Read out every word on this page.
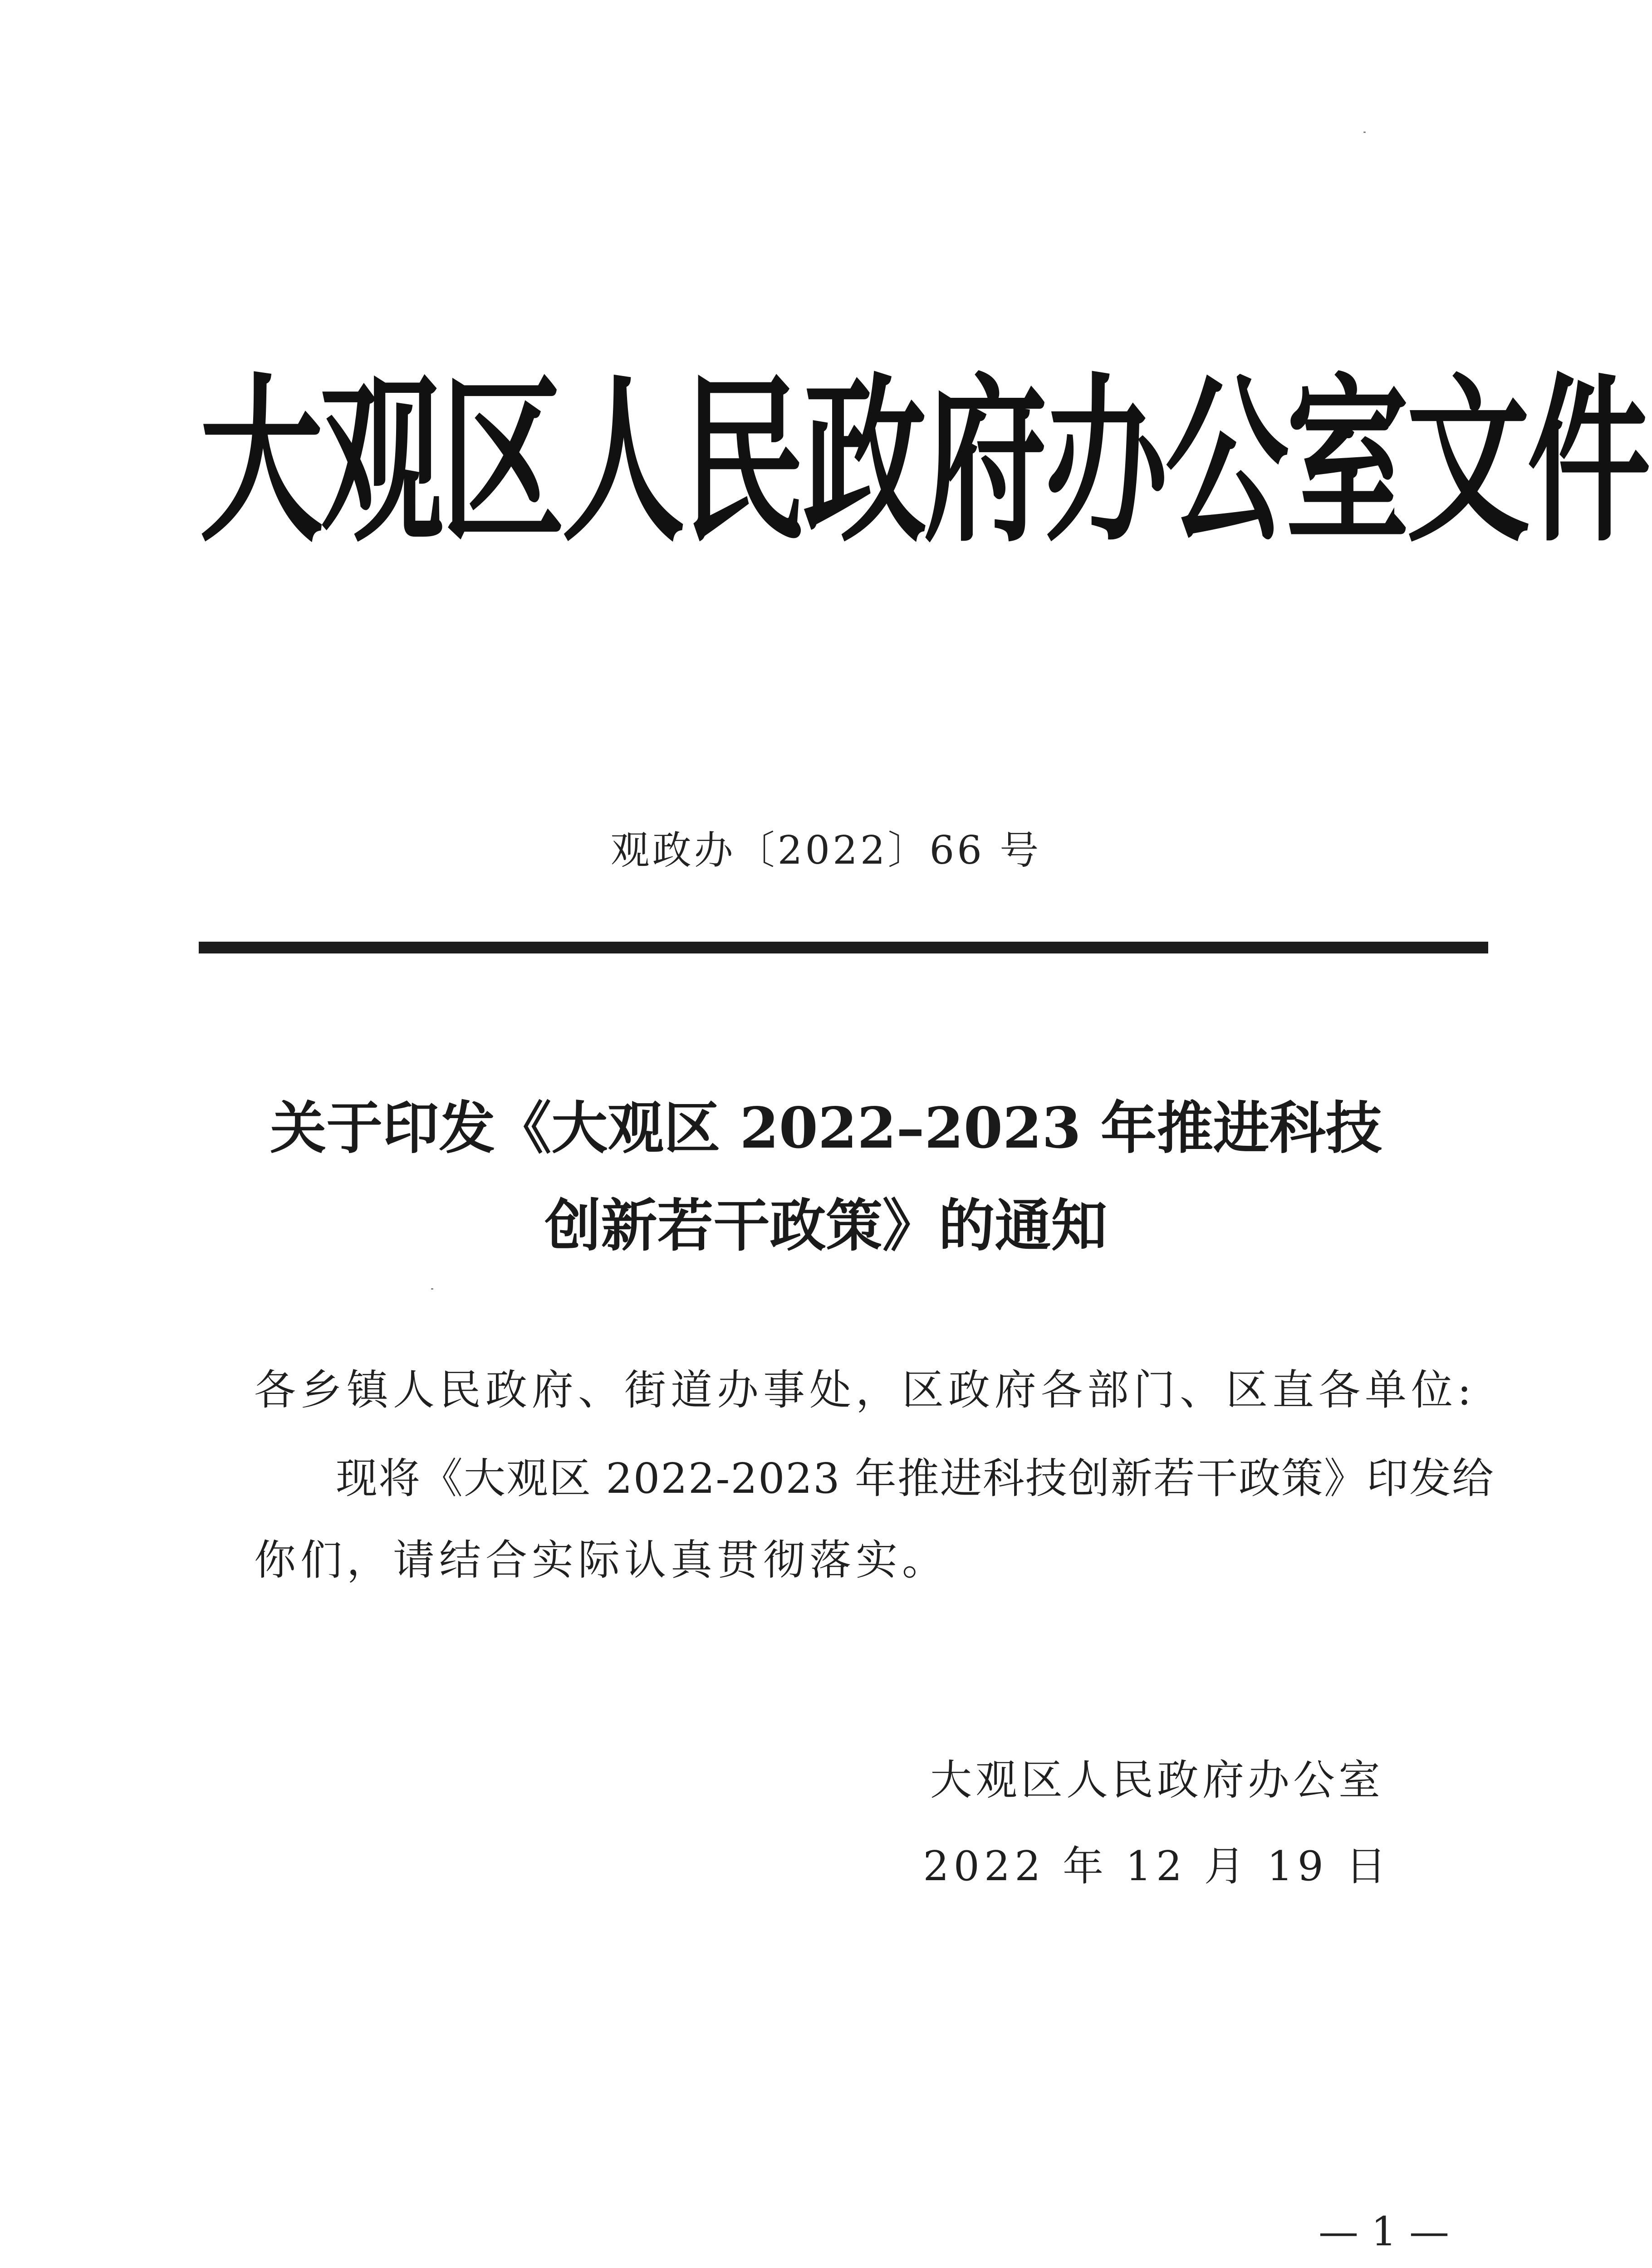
大观区人民政府办公室文件
观政办〔2022〕66 号
关于印发《大观区 2022–2023 年推进科技
创新若干政策》的通知
各乡镇人民政府、街道办事处，区政府各部门、区直各单位:
现将《大观区 2022-2023 年推进科技创新若干政策》印发给
你们，请结合实际认真贯彻落实。
大观区人民政府办公室
2022 年 12 月 19 日
— 1 —
